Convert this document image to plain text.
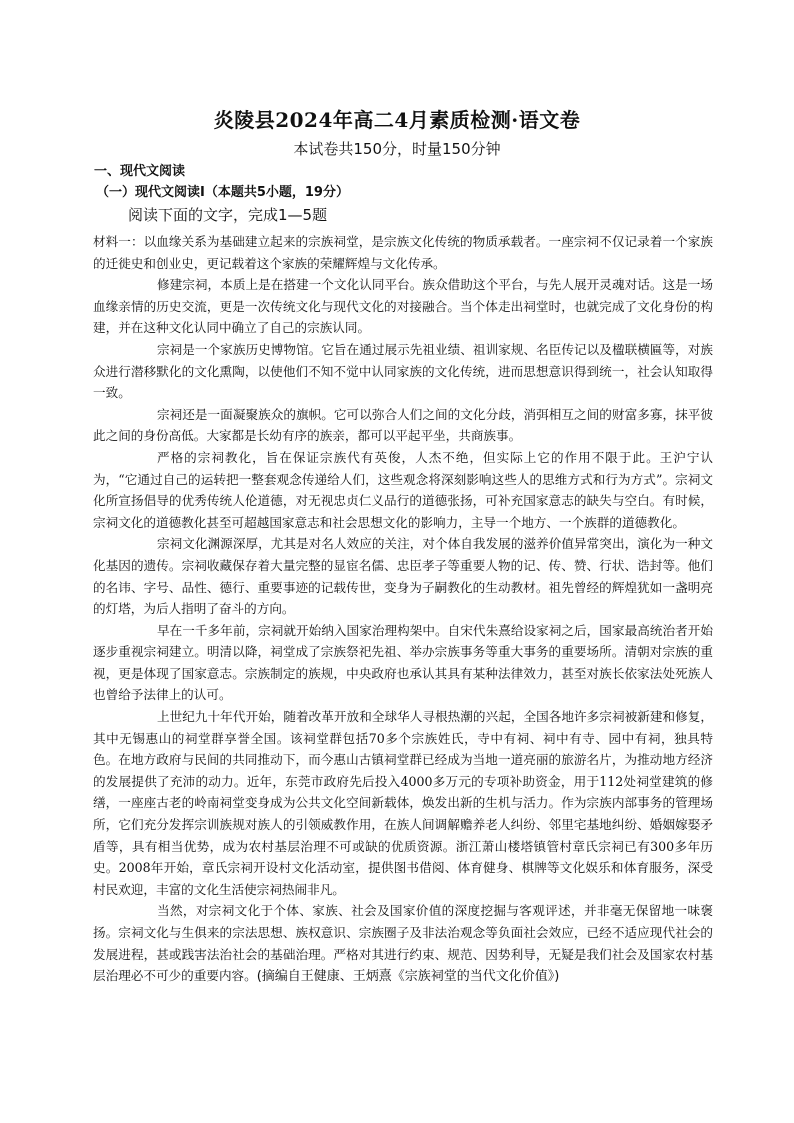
炎陵县2024年高二4月素质检测·语文卷
本试卷共150分，时量150分钟
一、现代文阅读
（一）现代文阅读Ⅰ（本题共5小题，19分）
阅读下面的文字，完成1—5题

材料一：以血缘关系为基础建立起来的宗族祠堂，是宗族文化传统的物质承载者。一座宗祠不仅记录着一个家族的迁徙史和创业史，更记载着这个家族的荣耀辉煌与文化传承。

修建宗祠，本质上是在搭建一个文化认同平台。族众借助这个平台，与先人展开灵魂对话。这是一场血缘亲情的历史交流，更是一次传统文化与现代文化的对接融合。当个体走出祠堂时，也就完成了文化身份的构建，并在这种文化认同中确立了自己的宗族认同。

宗祠是一个家族历史博物馆。它旨在通过展示先祖业绩、祖训家规、名臣传记以及楹联横匾等，对族众进行潜移默化的文化熏陶，以使他们不知不觉中认同家族的文化传统，进而思想意识得到统一，社会认知取得一致。

宗祠还是一面凝聚族众的旗帜。它可以弥合人们之间的文化分歧，消弭相互之间的财富多寡，抹平彼此之间的身份高低。大家都是长幼有序的族亲，都可以平起平坐，共商族事。

严格的宗祠教化，旨在保证宗族代有英俊，人杰不绝，但实际上它的作用不限于此。王沪宁认为，“它通过自己的运转把一整套观念传递给人们，这些观念将深刻影响这些人的思维方式和行为方式”。宗祠文化所宣扬倡导的优秀传统人伦道德，对无视忠贞仁义品行的道德张扬，可补充国家意志的缺失与空白。有时候，宗祠文化的道德教化甚至可超越国家意志和社会思想文化的影响力，主导一个地方、一个族群的道德教化。

宗祠文化渊源深厚，尤其是对名人效应的关注，对个体自我发展的滋养价值异常突出，演化为一种文化基因的遗传。宗祠收藏保存着大量完整的显宦名儒、忠臣孝子等重要人物的记、传、赞、行状、诰封等。他们的名讳、字号、品性、德行、重要事迹的记载传世，变身为子嗣教化的生动教材。祖先曾经的辉煌犹如一盏明亮的灯塔，为后人指明了奋斗的方向。

早在一千多年前，宗祠就开始纳入国家治理构架中。自宋代朱熹给设家祠之后，国家最高统治者开始逐步重视宗祠建立。明清以降，祠堂成了宗族祭祀先祖、举办宗族事务等重大事务的重要场所。清朝对宗族的重视，更是体现了国家意志。宗族制定的族规，中央政府也承认其具有某种法律效力，甚至对族长依家法处死族人也曾给予法律上的认可。

上世纪九十年代开始，随着改革开放和全球华人寻根热潮的兴起，全国各地许多宗祠被新建和修复，其中无锡惠山的祠堂群享誉全国。该祠堂群包括70多个宗族姓氏，寺中有祠、祠中有寺、园中有祠，独具特色。在地方政府与民间的共同推动下，而今惠山古镇祠堂群已经成为当地一道亮丽的旅游名片，为推动地方经济的发展提供了充沛的动力。近年，东莞市政府先后投入4000多万元的专项补助资金，用于112处祠堂建筑的修缮，一座座古老的岭南祠堂变身成为公共文化空间新载体，焕发出新的生机与活力。作为宗族内部事务的管理场所，它们充分发挥宗训族规对族人的引领威教作用，在族人间调解赡养老人纠纷、邻里宅基地纠纷、婚姻嫁娶矛盾等，具有相当优势，成为农村基层治理不可或缺的优质资源。浙江萧山楼塔镇管村章氏宗祠已有300多年历史。2008年开始，章氏宗祠开设村文化活动室，提供图书借阅、体育健身、棋牌等文化娱乐和体育服务，深受村民欢迎，丰富的文化生活使宗祠热闹非凡。

当然，对宗祠文化于个体、家族、社会及国家价值的深度挖掘与客观评述，并非毫无保留地一味褒扬。宗祠文化与生俱来的宗法思想、族权意识、宗族圈子及非法治观念等负面社会效应，已经不适应现代社会的发展进程，甚或践害法治社会的基础治理。严格对其进行约束、规范、因势利导，无疑是我们社会及国家农村基层治理必不可少的重要内容。(摘编自王健康、王炳熹《宗族祠堂的当代文化价值》)
